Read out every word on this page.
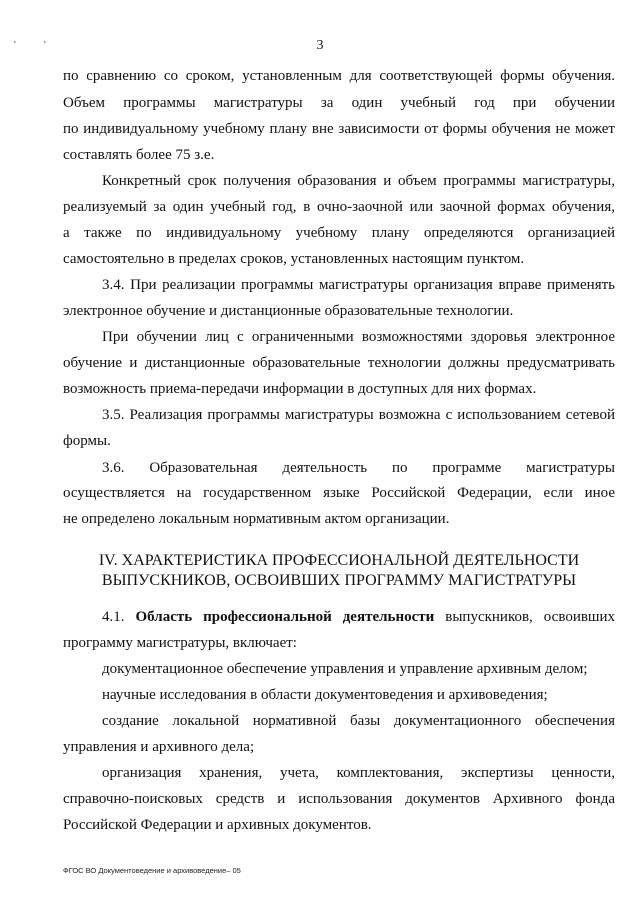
'	'	3
по сравнению со сроком, установленным для соответствующей формы обучения.
Объем программы магистратуры за один учебный год при обучении
по индивидуальному учебному плану вне зависимости от формы обучения не может
составлять более 75 з.е.
Конкретный срок получения образования и объем программы магистратуры,
реализуемый за один учебный год, в очно-заочной или заочной формах обучения,
а также по индивидуальному учебному плану определяются организацией
самостоятельно в пределах сроков, установленных настоящим пунктом.
3.4. При реализации программы магистратуры организация вправе применять
электронное обучение и дистанционные образовательные технологии.
При обучении лиц с ограниченными возможностями здоровья электронное
обучение и дистанционные образовательные технологии должны предусматривать
возможность приема-передачи информации в доступных для них формах.
3.5. Реализация программы магистратуры возможна с использованием сетевой
формы.
3.6. Образовательная деятельность по программе магистратуры
осуществляется на государственном языке Российской Федерации, если иное
не определено локальным нормативным актом организации.
IV. ХАРАКТЕРИСТИКА ПРОФЕССИОНАЛЬНОЙ ДЕЯТЕЛЬНОСТИ
ВЫПУСКНИКОВ, ОСВОИВШИХ ПРОГРАММУ МАГИСТРАТУРЫ
4.1. Область профессиональной деятельности выпускников, освоивших
программу магистратуры, включает:
документационное обеспечение управления и управление архивным делом;
научные исследования в области документоведения и архивоведения;
создание локальной нормативной базы документационного обеспечения
управления и архивного дела;
организация хранения, учета, комплектования, экспертизы ценности,
справочно-поисковых средств и использования документов Архивного фонда
Российской Федерации и архивных документов.
ФГОС ВО Документоведение и архивоведение– 05
